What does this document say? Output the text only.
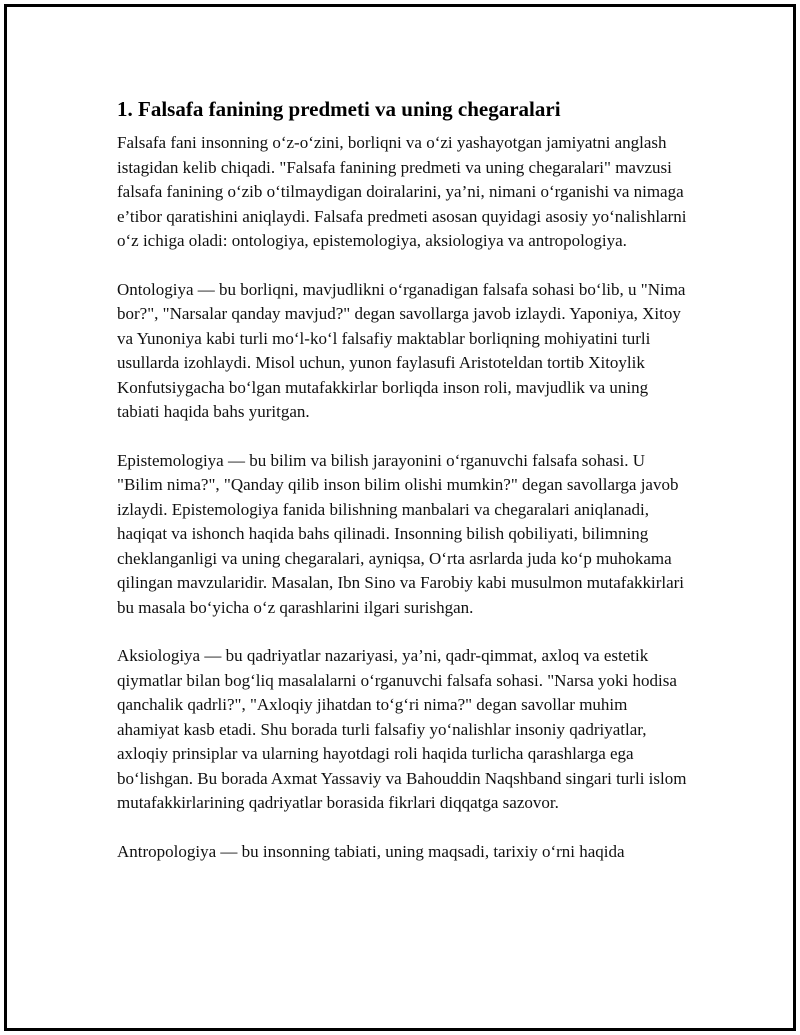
1. Falsafa fanining predmeti va uning chegaralari

Falsafa fani insonning o‘z-o‘zini, borliqni va o‘zi yashayotgan jamiyatni anglash istagidan kelib chiqadi. "Falsafa fanining predmeti va uning chegaralari" mavzusi falsafa fanining o‘zib o‘tilmaydigan doiralarini, ya’ni, nimani o‘rganishi va nimaga e’tibor qaratishini aniqlaydi. Falsafa predmeti asosan quyidagi asosiy yo‘nalishlarni o‘z ichiga oladi: ontologiya, epistemologiya, aksiologiya va antropologiya.

Ontologiya — bu borliqni, mavjudlikni o‘rganadigan falsafa sohasi bo‘lib, u "Nima bor?", "Narsalar qanday mavjud?" degan savollarga javob izlaydi. Yaponiya, Xitoy va Yunoniya kabi turli mo‘l-ko‘l falsafiy maktablar borliqning mohiyatini turli usullarda izohlaydi. Misol uchun, yunon faylasufi Aristoteldan tortib Xitoylik Konfutsiygacha bo‘lgan mutafakkirlar borliqda inson roli, mavjudlik va uning tabiati haqida bahs yuritgan.

Epistemologiya — bu bilim va bilish jarayonini o‘rganuvchi falsafa sohasi. U "Bilim nima?", "Qanday qilib inson bilim olishi mumkin?" degan savollarga javob izlaydi. Epistemologiya fanida bilishning manbalari va chegaralari aniqlanadi, haqiqat va ishonch haqida bahs qilinadi. Insonning bilish qobiliyati, bilimning cheklanganligi va uning chegaralari, ayniqsa, O‘rta asrlarda juda ko‘p muhokama qilingan mavzularidir. Masalan, Ibn Sino va Farobiy kabi musulmon mutafakkirlari bu masala bo‘yicha o‘z qarashlarini ilgari surishgan.

Aksiologiya — bu qadriyatlar nazariyasi, ya’ni, qadr-qimmat, axloq va estetik qiymatlar bilan bog‘liq masalalarni o‘rganuvchi falsafa sohasi. "Narsa yoki hodisa qanchalik qadrli?", "Axloqiy jihatdan to‘g‘ri nima?" degan savollar muhim ahamiyat kasb etadi. Shu borada turli falsafiy yo‘nalishlar insoniy qadriyatlar, axloqiy prinsiplar va ularning hayotdagi roli haqida turlicha qarashlarga ega bo‘lishgan. Bu borada Axmat Yassaviy va Bahouddin Naqshband singari turli islom mutafakkirlarining qadriyatlar borasida fikrlari diqqatga sazovor.

Antropologiya — bu insonning tabiati, uning maqsadi, tarixiy o‘rni haqida
